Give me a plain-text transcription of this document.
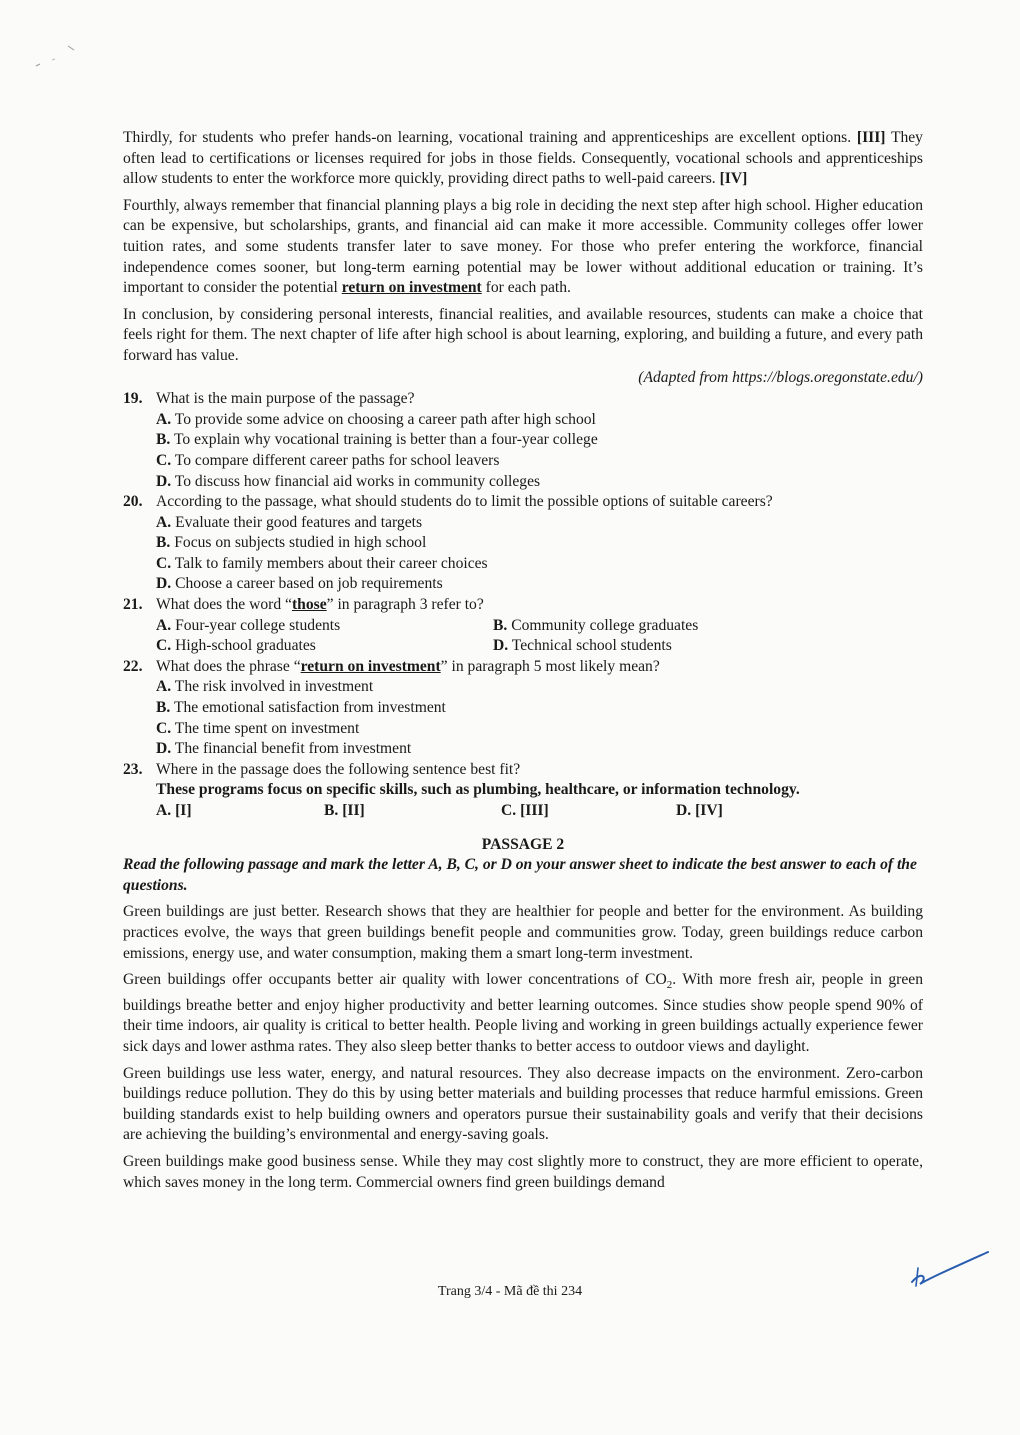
Thirdly, for students who prefer hands-on learning, vocational training and apprenticeships are excellent options. [III] They often lead to certifications or licenses required for jobs in those fields. Consequently, vocational schools and apprenticeships allow students to enter the workforce more quickly, providing direct paths to well-paid careers. [IV]

Fourthly, always remember that financial planning plays a big role in deciding the next step after high school. Higher education can be expensive, but scholarships, grants, and financial aid can make it more accessible. Community colleges offer lower tuition rates, and some students transfer later to save money. For those who prefer entering the workforce, financial independence comes sooner, but long-term earning potential may be lower without additional education or training. It’s important to consider the potential return on investment for each path.

In conclusion, by considering personal interests, financial realities, and available resources, students can make a choice that feels right for them. The next chapter of life after high school is about learning, exploring, and building a future, and every path forward has value.

(Adapted from https://blogs.oregonstate.edu/)
19. What is the main purpose of the passage?
A. To provide some advice on choosing a career path after high school
B. To explain why vocational training is better than a four-year college
C. To compare different career paths for school leavers
D. To discuss how financial aid works in community colleges
20. According to the passage, what should students do to limit the possible options of suitable careers?
A. Evaluate their good features and targets
B. Focus on subjects studied in high school
C. Talk to family members about their career choices
D. Choose a career based on job requirements
21. What does the word “those” in paragraph 3 refer to?
A. Four-year college students	B. Community college graduates
C. High-school graduates	D. Technical school students
22. What does the phrase “return on investment” in paragraph 5 most likely mean?
A. The risk involved in investment
B. The emotional satisfaction from investment
C. The time spent on investment
D. The financial benefit from investment
23. Where in the passage does the following sentence best fit?
These programs focus on specific skills, such as plumbing, healthcare, or information technology.
A. [I]	B. [II]	C. [III]	D. [IV]
PASSAGE 2
Read the following passage and mark the letter A, B, C, or D on your answer sheet to indicate the best answer to each of the questions.

Green buildings are just better. Research shows that they are healthier for people and better for the environment. As building practices evolve, the ways that green buildings benefit people and communities grow. Today, green buildings reduce carbon emissions, energy use, and water consumption, making them a smart long-term investment.

Green buildings offer occupants better air quality with lower concentrations of $CO_2$. With more fresh air, people in green buildings breathe better and enjoy higher productivity and better learning outcomes. Since studies show people spend 90% of their time indoors, air quality is critical to better health. People living and working in green buildings actually experience fewer sick days and lower asthma rates. They also sleep better thanks to better access to outdoor views and daylight.

Green buildings use less water, energy, and natural resources. They also decrease impacts on the environment. Zero-carbon buildings reduce pollution. They do this by using better materials and building processes that reduce harmful emissions. Green building standards exist to help building owners and operators pursue their sustainability goals and verify that their decisions are achieving the building’s environmental and energy-saving goals.

Green buildings make good business sense. While they may cost slightly more to construct, they are more efficient to operate, which saves money in the long term. Commercial owners find green buildings demand

Trang 3/4 - Mã đề thi 234
